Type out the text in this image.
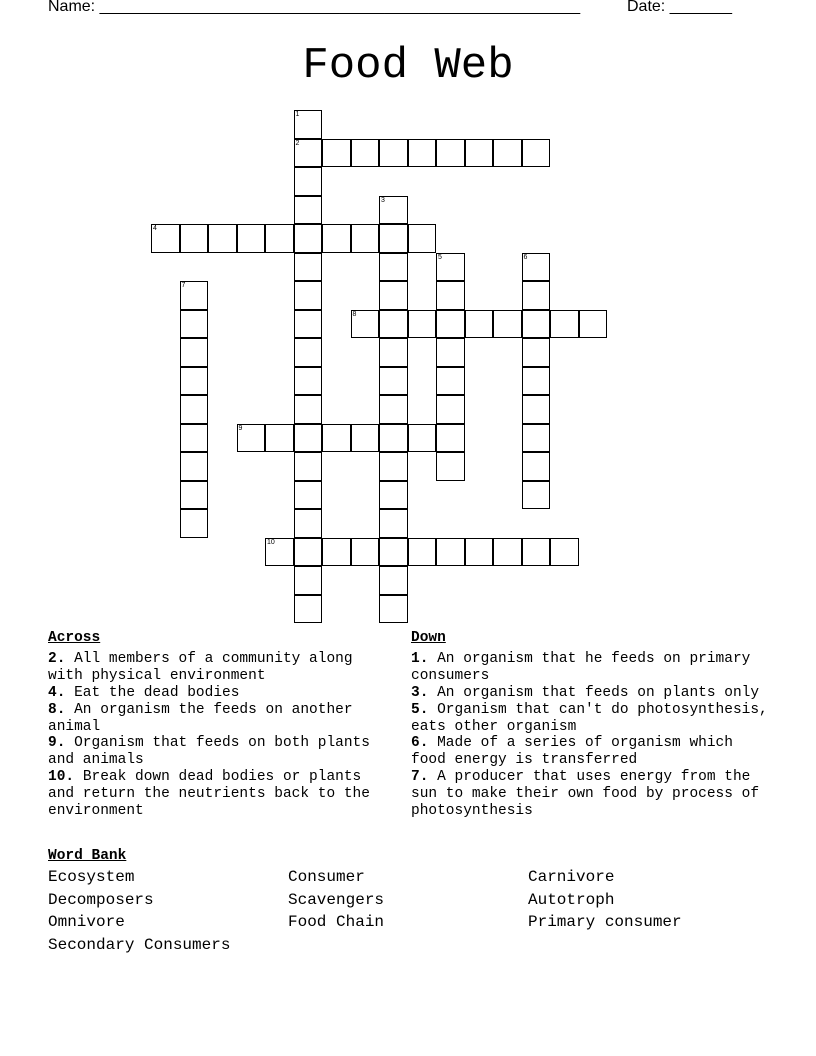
Name: ______________________________________________________	Date: _______
Food Web
1
2
3
4
5	6
7
8
9
10
Across
2. All members of a community along with physical environment
4. Eat the dead bodies
8. An organism the feeds on another animal
9. Organism that feeds on both plants and animals
10. Break down dead bodies or plants and return the neutrients back to the environment
Down
1. An organism that he feeds on primary consumers
3. An organism that feeds on plants only
5. Organism that can't do photosynthesis, eats other organism
6. Made of a series of organism which food energy is transferred
7. A producer that uses energy from the sun to make their own food by process of photosynthesis
Word Bank
Ecosystem	Consumer	Carnivore
Decomposers	Scavengers	Autotroph
Omnivore	Food Chain	Primary consumer
Secondary Consumers
